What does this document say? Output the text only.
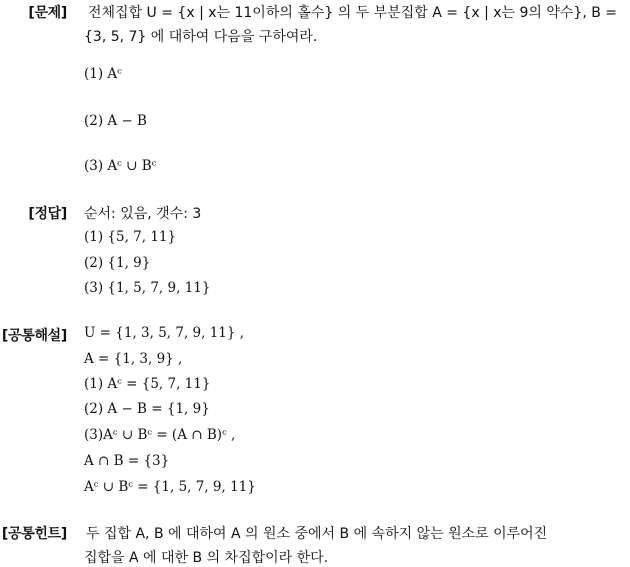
[문제] 전체집합 U = {x | x는 11이하의 홀수} 의 두 부분집합 A = {x | x는 9의 약수}, B =
{3, 5, 7} 에 대하여 다음을 구하여라.
(1) Aᶜ
(2) A − B
(3) Aᶜ ∪ Bᶜ
[정답] 순서: 있음, 갯수: 3
(1) {5, 7, 11}
(2) {1, 9}
(3) {1, 5, 7, 9, 11}
[공통해설] U = {1, 3, 5, 7, 9, 11} ,
A = {1, 3, 9} ,
(1) Aᶜ = {5, 7, 11}
(2) A − B = {1, 9}
(3)Aᶜ ∪ Bᶜ = (A ∩ B)ᶜ ,
A ∩ B = {3}
Aᶜ ∪ Bᶜ = {1, 5, 7, 9, 11}
[공통힌트] 두 집합 A, B 에 대하여 A 의 원소 중에서 B 에 속하지 않는 원소로 이루어진
집합을 A 에 대한 B 의 차집합이라 한다.
